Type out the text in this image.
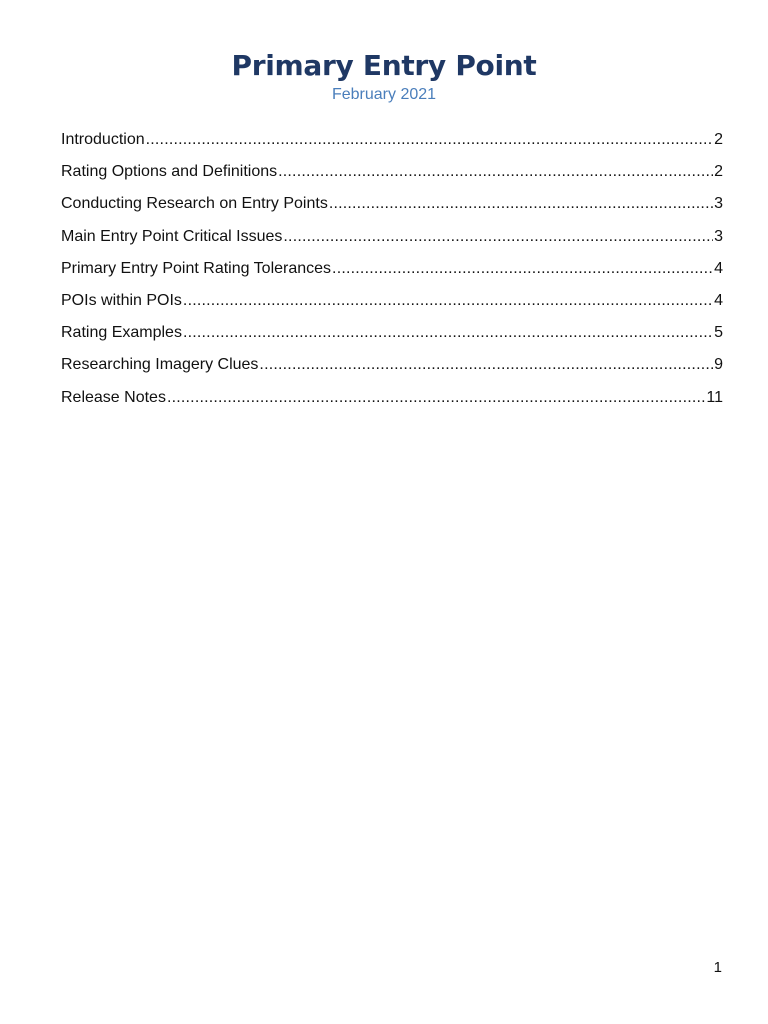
Primary Entry Point
February 2021
Introduction .....	2
Rating Options and Definitions .....	2
Conducting Research on Entry Points .....	3
Main Entry Point Critical Issues .....	3
Primary Entry Point Rating Tolerances .....	4
POIs within POIs .....	4
Rating Examples .....	5
Researching Imagery Clues .....	9
Release Notes .....	11
1
